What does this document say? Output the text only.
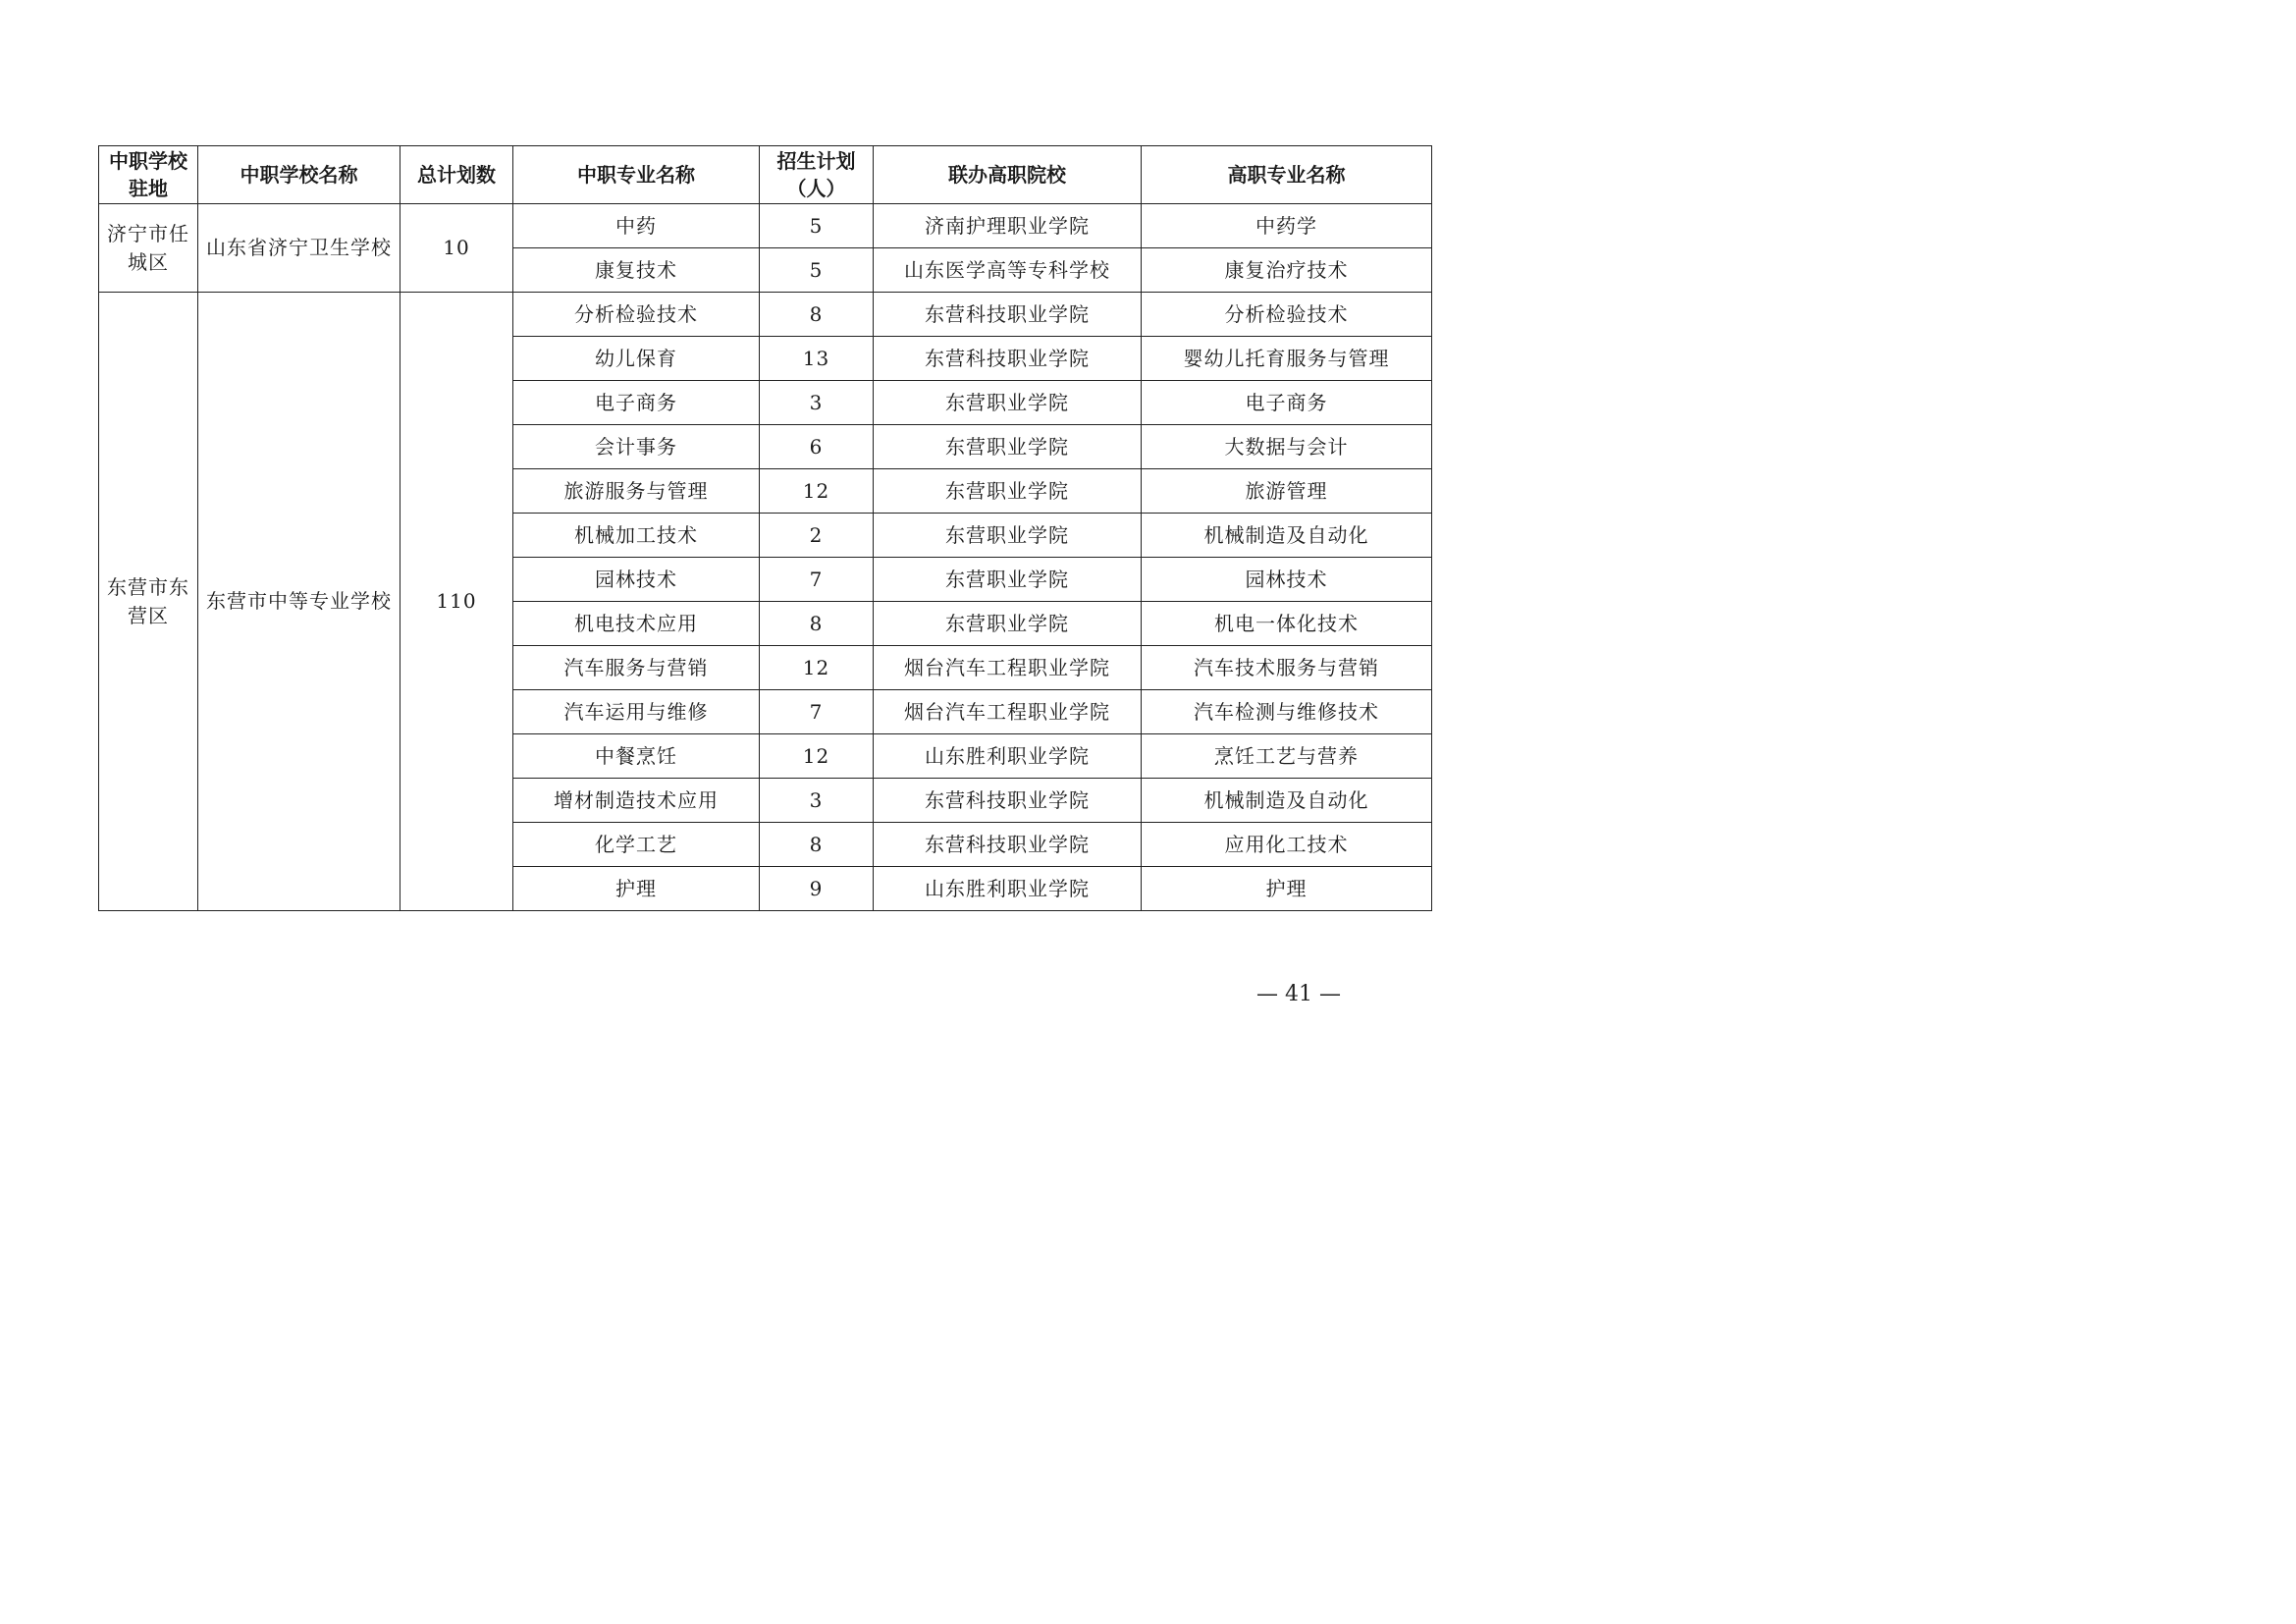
中职学校驻地	中职学校名称	总计划数	中职专业名称	招生计划（人）	联办高职院校	高职专业名称
济宁市任城区	山东省济宁卫生学校	10	中药	5	济南护理职业学院	中药学
			康复技术	5	山东医学高等专科学校	康复治疗技术
东营市东营区	东营市中等专业学校	110	分析检验技术	8	东营科技职业学院	分析检验技术
			幼儿保育	13	东营科技职业学院	婴幼儿托育服务与管理
			电子商务	3	东营职业学院	电子商务
			会计事务	6	东营职业学院	大数据与会计
			旅游服务与管理	12	东营职业学院	旅游管理
			机械加工技术	2	东营职业学院	机械制造及自动化
			园林技术	7	东营职业学院	园林技术
			机电技术应用	8	东营职业学院	机电一体化技术
			汽车服务与营销	12	烟台汽车工程职业学院	汽车技术服务与营销
			汽车运用与维修	7	烟台汽车工程职业学院	汽车检测与维修技术
			中餐烹饪	12	山东胜利职业学院	烹饪工艺与营养
			增材制造技术应用	3	东营科技职业学院	机械制造及自动化
			化学工艺	8	东营科技职业学院	应用化工技术
			护理	9	山东胜利职业学院	护理
— 41 —
